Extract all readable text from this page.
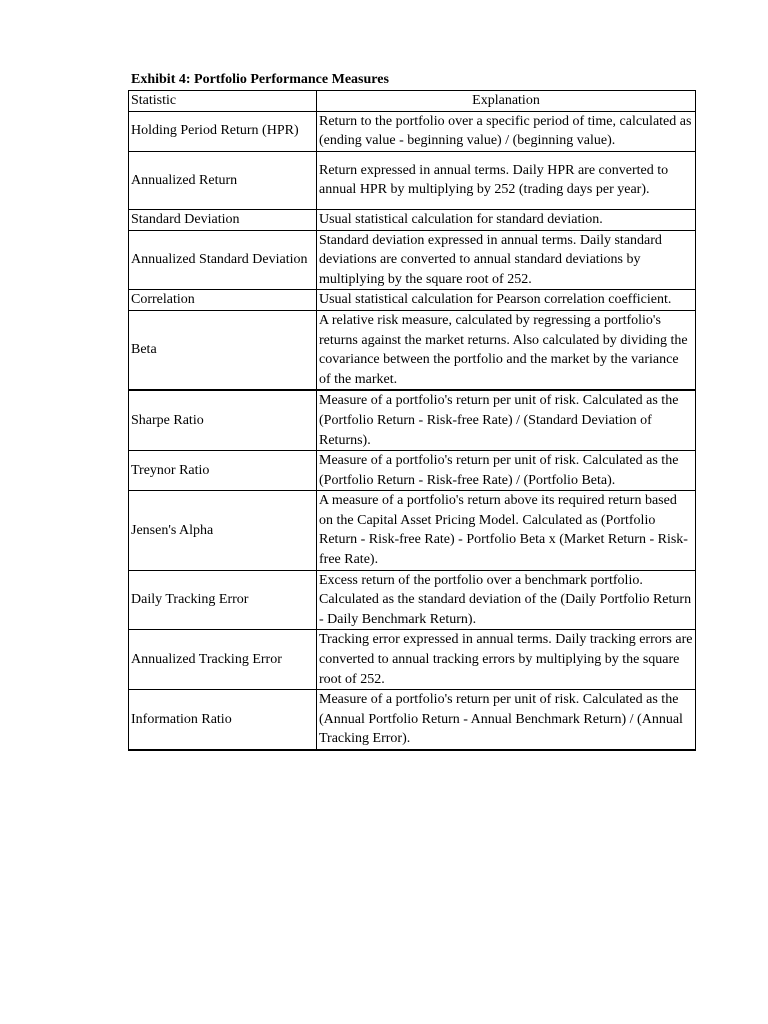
Exhibit 4: Portfolio Performance Measures
Statistic	Explanation
Holding Period Return (HPR)	Return to the portfolio over a specific period of time, calculated as (ending value - beginning value) / (beginning value).
Annualized Return	Return expressed in annual terms. Daily HPR are converted to annual HPR by multiplying by 252 (trading days per year).
Standard Deviation	Usual statistical calculation for standard deviation.
Annualized Standard Deviation	Standard deviation expressed in annual terms. Daily standard deviations are converted to annual standard deviations by multiplying by the square root of 252.
Correlation	Usual statistical calculation for Pearson correlation coefficient.
Beta	A relative risk measure, calculated by regressing a portfolio's returns against the market returns. Also calculated by dividing the covariance between the portfolio and the market by the variance of the market.
Sharpe Ratio	Measure of a portfolio's return per unit of risk. Calculated as the (Portfolio Return - Risk-free Rate) / (Standard Deviation of Returns).
Treynor Ratio	Measure of a portfolio's return per unit of risk. Calculated as the (Portfolio Return - Risk-free Rate) / (Portfolio Beta).
Jensen's Alpha	A measure of a portfolio's return above its required return based on the Capital Asset Pricing Model. Calculated as (Portfolio Return - Risk-free Rate) - Portfolio Beta x (Market Return - Risk-free Rate).
Daily Tracking Error	Excess return of the portfolio over a benchmark portfolio. Calculated as the standard deviation of the (Daily Portfolio Return - Daily Benchmark Return).
Annualized Tracking Error	Tracking error expressed in annual terms. Daily tracking errors are converted to annual tracking errors by multiplying by the square root of 252.
Information Ratio	Measure of a portfolio's return per unit of risk. Calculated as the (Annual Portfolio Return - Annual Benchmark Return) / (Annual Tracking Error).
